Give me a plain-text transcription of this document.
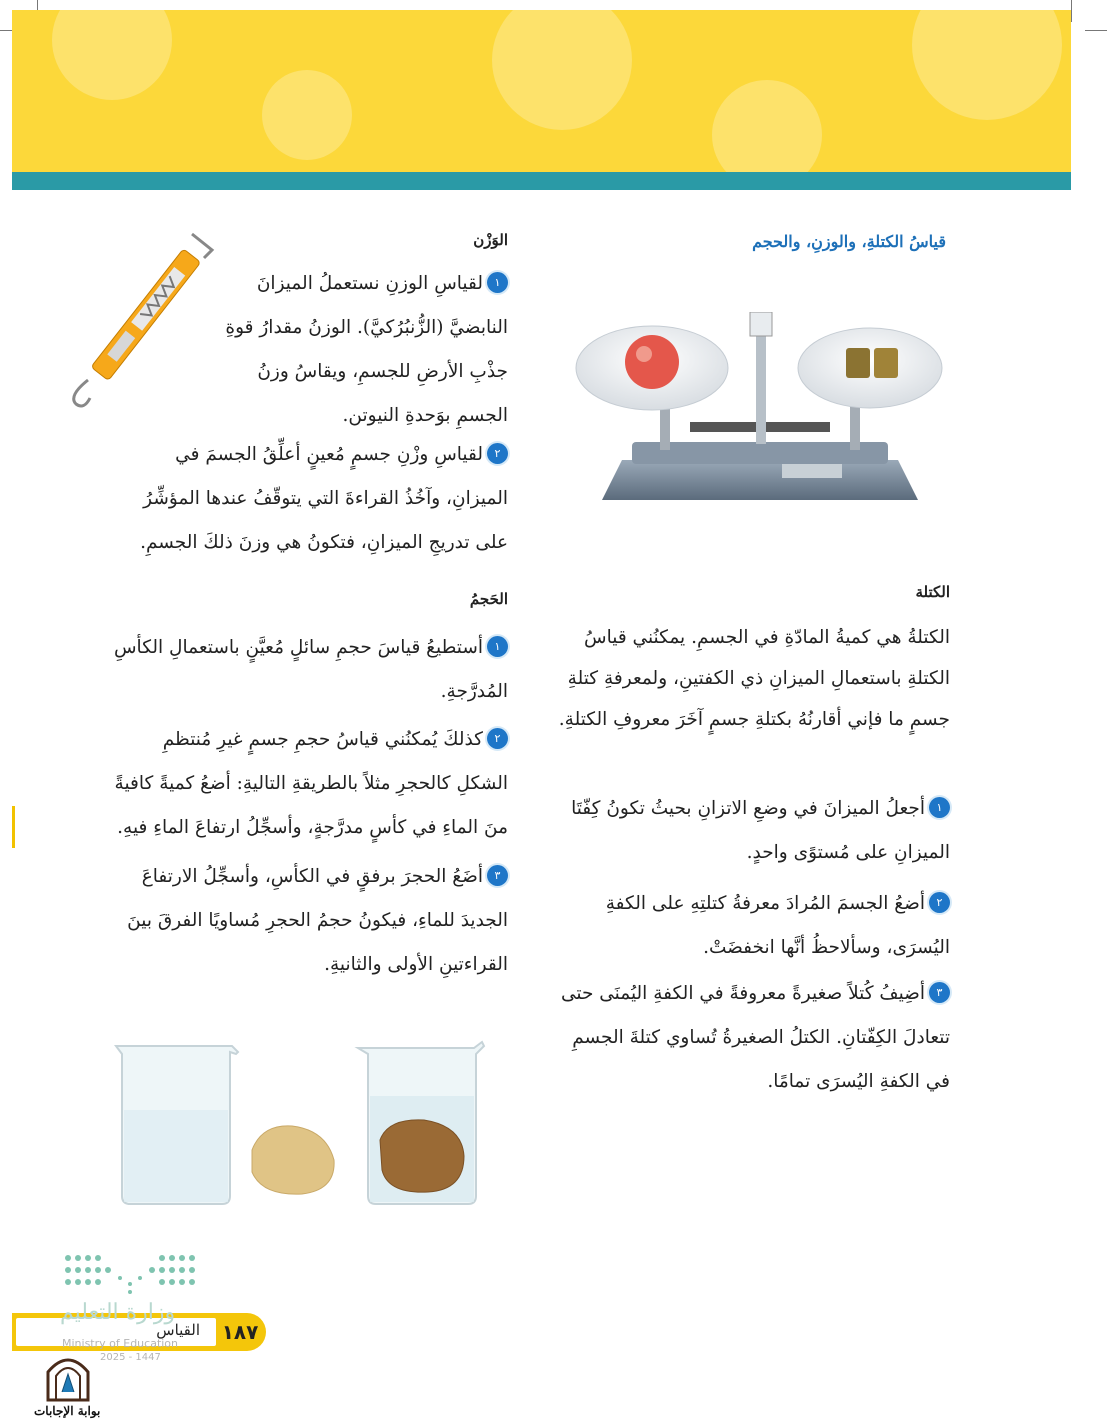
قياسُ الكتلةِ، والوزنِ، والحجم
الكتلة
الكتلةُ هي كميةُ المادّةِ في الجسمِ. يمكنُني قياسُ الكتلةِ باستعمالِ الميزانِ ذي الكفتينِ، ولمعرفةِ كتلةِ جسمٍ ما فإني أقارنُهُ بكتلةِ جسمٍ آخَرَ معروفِ الكتلةِ.
١أجعلُ الميزانَ في وضعِ الاتزانِ بحيثُ تكونُ كِفّتَا الميزانِ على مُستوًى واحدٍ.
٢أضعُ الجسمَ المُرادَ معرفةُ كتلتِهِ على الكفةِ اليُسرَى، وسألاحظُ أنَّها انخفضَتْ.
٣أضِيفُ كُتلاً صغيرةً معروفةً في الكفةِ اليُمنَى حتى تتعادلَ الكِفّتانِ. الكتلُ الصغيرةُ تُساوي كتلةَ الجسمِ في الكفةِ اليُسرَى تمامًا.
الوَزْن
١لقياسِ الوزنِ نستعملُ الميزانَ النابضيَّ (الزُّنبُرُكيَّ). الوزنُ مقدارُ قوةِ جذْبِ الأرضِ للجسمِ، ويقاسُ وزنُ الجسمِ بوَحدةِ النيوتن.
٢لقياسِ وزْنِ جسمٍ مُعينٍ أعلِّقُ الجسمَ في الميزانِ، وآخُذُ القراءةَ التي يتوقّفُ عندها المؤشِّرُ على تدريجِ الميزانِ، فتكونُ هي وزنَ ذلكَ الجسمِ.
الحَجمُ
١أستطيعُ قياسَ حجمِ سائلٍ مُعيَّنٍ باستعمالِ الكأسِ المُدرَّجةِ.
٢كذلكَ يُمكنُني قياسُ حجمِ جسمٍ غيرِ مُنتظمِ الشكلِ كالحجرِ مثلاً بالطريقةِ التاليةِ: أضعُ كميةً كافيةً منَ الماءِ في كأسٍ مدرَّجةٍ، وأسجِّلُ ارتفاعَ الماءِ فيهِ.
٣أضَعُ الحجرَ برفقٍ في الكأسِ، وأسجِّلُ الارتفاعَ الجديدَ للماءِ، فيكونُ حجمُ الحجرِ مُساويًا الفرقَ بينَ القراءتينِ الأولى والثانيةِ.
وزارة التعليم
القياس ١٨٧
Ministry of Education
2025 - 1447
بوابة الإجابات
